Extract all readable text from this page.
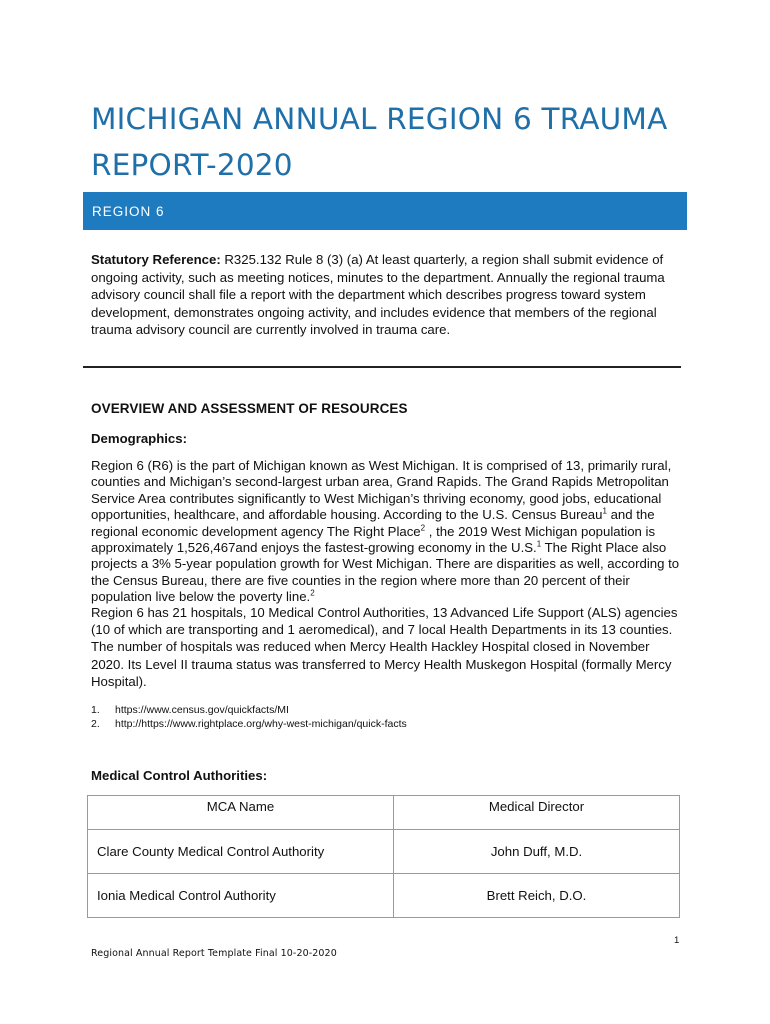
MICHIGAN ANNUAL REGION 6 TRAUMA REPORT-2020
REGION 6

Statutory Reference: R325.132 Rule 8 (3) (a) At least quarterly, a region shall submit evidence of ongoing activity, such as meeting notices, minutes to the department. Annually the regional trauma advisory council shall file a report with the department which describes progress toward system development, demonstrates ongoing activity, and includes evidence that members of the regional trauma advisory council are currently involved in trauma care.

OVERVIEW AND ASSESSMENT OF RESOURCES
Demographics:

Region 6 (R6) is the part of Michigan known as West Michigan. It is comprised of 13, primarily rural, counties and Michigan’s second-largest urban area, Grand Rapids. The Grand Rapids Metropolitan Service Area contributes significantly to West Michigan’s thriving economy, good jobs, educational opportunities, healthcare, and affordable housing. According to the U.S. Census Bureau$^1$ and the regional economic development agency The Right Place$^2$ , the 2019 West Michigan population is approximately 1,526,467and enjoys the fastest-growing economy in the U.S.$^1$ The Right Place also projects a 3% 5-year population growth for West Michigan. There are disparities as well, according to the Census Bureau, there are five counties in the region where more than 20 percent of their population live below the poverty line.$^2$

Region 6 has 21 hospitals, 10 Medical Control Authorities, 13 Advanced Life Support (ALS) agencies (10 of which are transporting and 1 aeromedical), and 7 local Health Departments in its 13 counties. The number of hospitals was reduced when Mercy Health Hackley Hospital closed in November 2020. Its Level II trauma status was transferred to Mercy Health Muskegon Hospital (formally Mercy Hospital).

1.	https://www.census.gov/quickfacts/MI
2.	http://https://www.rightplace.org/why-west-michigan/quick-facts
Medical Control Authorities:
MCA Name	Medical Director
Clare County Medical Control Authority	John Duff, M.D.
Ionia Medical Control Authority	Brett Reich, D.O.
1
Regional Annual Report Template Final 10-20-2020
